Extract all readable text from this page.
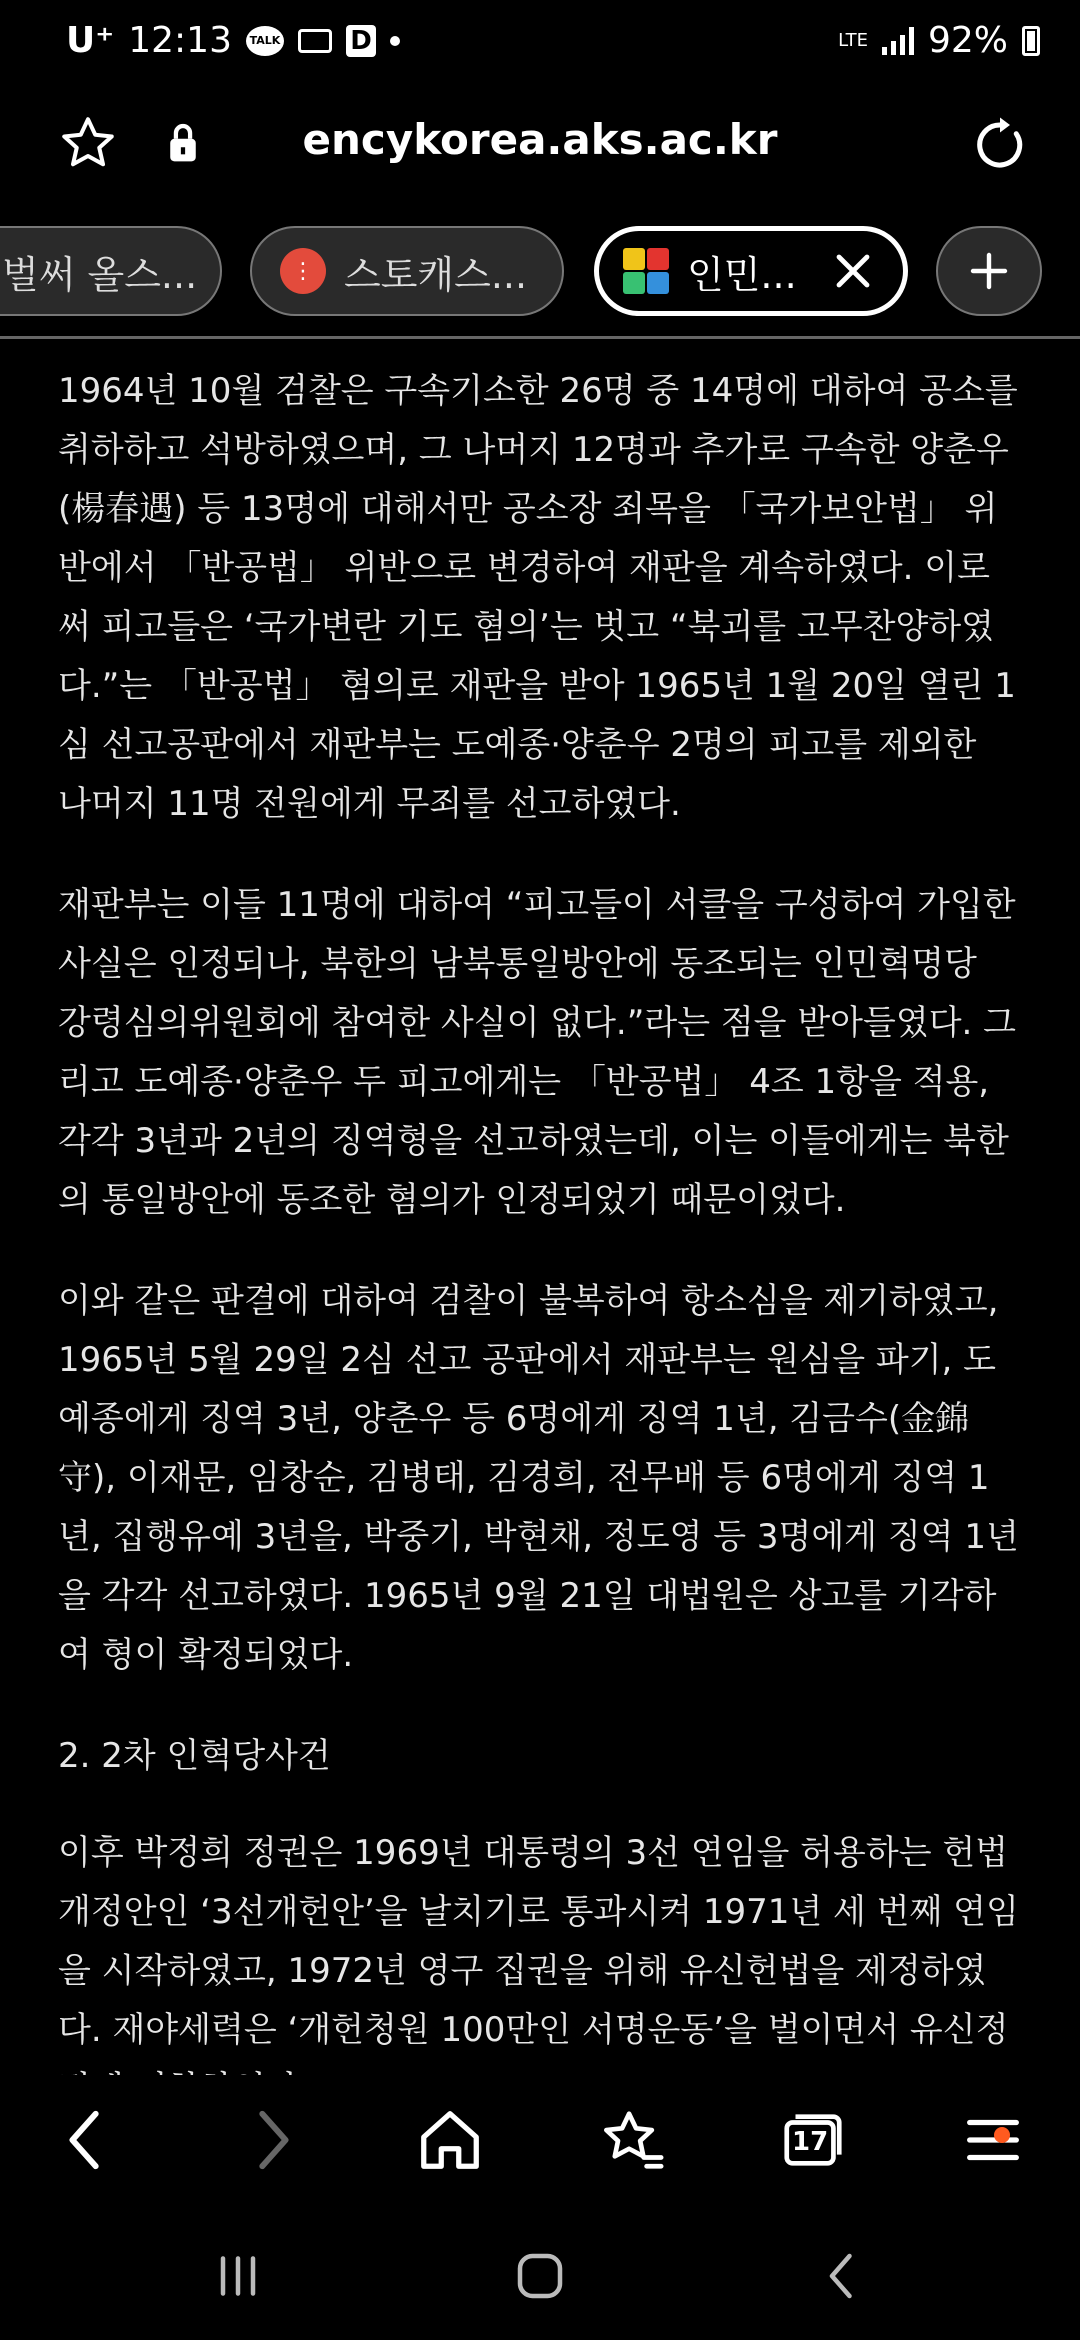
U⁺ 12:13	TALK	D	LTE 92%
encykorea.aks.ac.kr
벌써 올스...	⋮ 스토캐스...	인민...

1964년 10월 검찰은 구속기소한 26명 중 14명에 대하여 공소를 취하하고 석방하였으며, 그 나머지 12명과 추가로 구속한 양춘우(楊春遇) 등 13명에 대해서만 공소장 죄목을 「국가보안법」 위반에서 「반공법」 위반으로 변경하여 재판을 계속하였다. 이로써 피고들은 ‘국가변란 기도 혐의’는 벗고 “북괴를 고무찬양하였다.”는 「반공법」 혐의로 재판을 받아 1965년 1월 20일 열린 1심 선고공판에서 재판부는 도예종·양춘우 2명의 피고를 제외한 나머지 11명 전원에게 무죄를 선고하였다.

재판부는 이들 11명에 대하여 “피고들이 서클을 구성하여 가입한 사실은 인정되나, 북한의 남북통일방안에 동조되는 인민혁명당 강령심의위원회에 참여한 사실이 없다.”라는 점을 받아들였다. 그리고 도예종·양춘우 두 피고에게는 「반공법」 4조 1항을 적용, 각각 3년과 2년의 징역형을 선고하였는데, 이는 이들에게는 북한의 통일방안에 동조한 혐의가 인정되었기 때문이었다.

이와 같은 판결에 대하여 검찰이 불복하여 항소심을 제기하였고, 1965년 5월 29일 2심 선고 공판에서 재판부는 원심을 파기, 도예종에게 징역 3년, 양춘우 등 6명에게 징역 1년, 김금수(金錦守), 이재문, 임창순, 김병태, 김경희, 전무배 등 6명에게 징역 1년, 집행유예 3년을, 박중기, 박현채, 정도영 등 3명에게 징역 1년을 각각 선고하였다. 1965년 9월 21일 대법원은 상고를 기각하여 형이 확정되었다.

2. 2차 인혁당사건

이후 박정희 정권은 1969년 대통령의 3선 연임을 허용하는 헌법 개정안인 ‘3선개헌안’을 날치기로 통과시켜 1971년 세 번째 연임을 시작하였고, 1972년 영구 집권을 위해 유신헌법을 제정하였다. 재야세력은 ‘개헌청원 100만인 서명운동’을 벌이면서 유신정

17
